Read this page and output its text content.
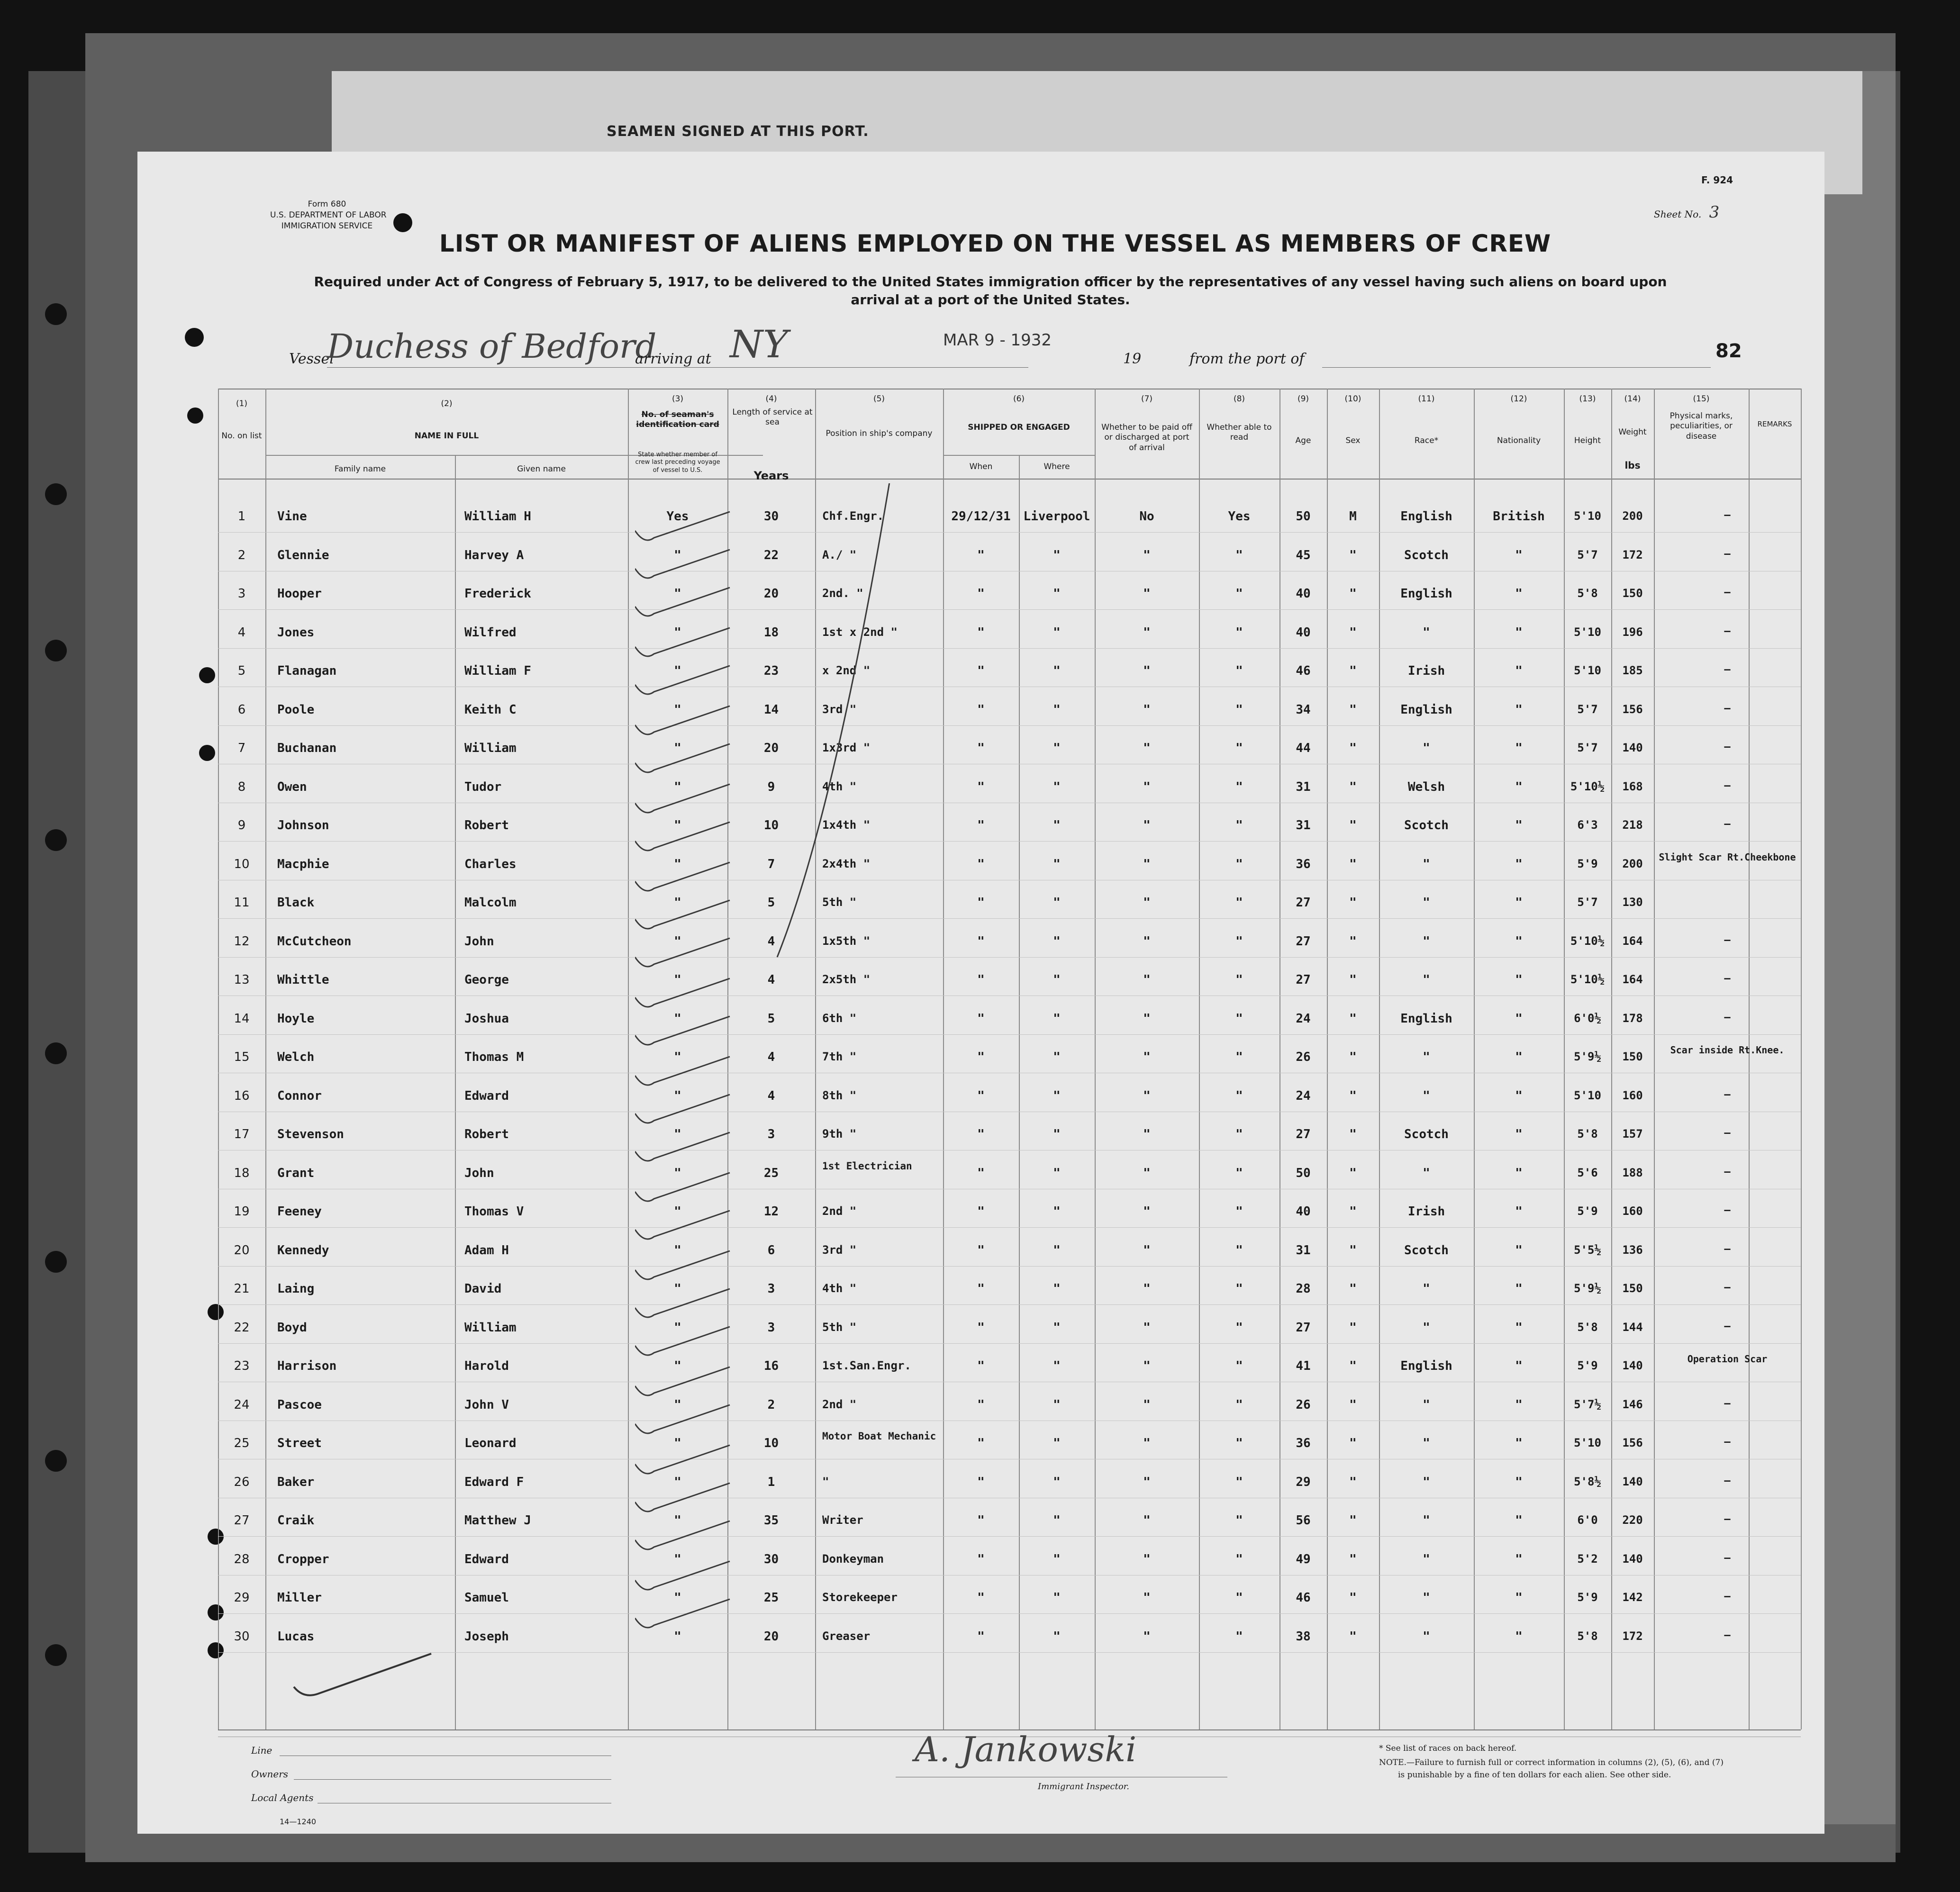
SEAMEN SIGNED AT THIS PORT.
Form 680
U.S. DEPARTMENT OF LABOR
IMMIGRATION SERVICE
F. 924
Sheet No. 3
LIST OR MANIFEST OF ALIENS EMPLOYED ON THE VESSEL AS MEMBERS OF CREW
Required under Act of Congress of February 5, 1917, to be delivered to the United States immigration officer by the representatives of any vessel having such aliens on board upon
arrival at a port of the United States.
Vessel
Duchess of Bedford
arriving at NY	MAR 9 - 1932
19	from the port of	82
(1)	(2)	(3)	(4)	(5)	(6)	(7)	(8)	(9)	(10)	(11)	(12)	(13)	(14)	(15)
No. on list	NAME IN FULL
Family name	Given name
No. of seaman's identification card
State whether member of crew last preceding voyage of vessel to U.S.
Length of service at sea
Years
Position in ship's company
SHIPPED OR ENGAGED
When	Where
Whether to be paid off or discharged at port of arrival
Whether able to read	Age	Sex	Race*	Nationality	Height
Weight
lbs
Physical marks, peculiarities, or disease
REMARKS
1	Vine	William H	Yes	30	Chf.Engr.	29/12/31	Liverpool	No	Yes	50	M	English	British	5'10	200	—
2	Glennie	Harvey A	"	22	A./ "	"	"	"	"	45	"	Scotch	"	5'7	172	—
3	Hooper	Frederick	"	20	2nd. "	"	"	"	"	40	"	English	"	5'8	150	—
4	Jones	Wilfred	"	18	1st x 2nd "	"	"	"	"	40	"	"	"	5'10	196	—
5	Flanagan	William F	"	23	x 2nd "	"	"	"	"	46	"	Irish	"	5'10	185	—
6	Poole	Keith C	"	14	3rd "	"	"	"	"	34	"	English	"	5'7	156	—
7	Buchanan	William	"	20	1x3rd "	"	"	"	"	44	"	"	"	5'7	140	—
8	Owen	Tudor	"	9	4th "	"	"	"	"	31	"	Welsh	"	5'10½	168	—
9	Johnson	Robert	"	10	1x4th "	"	"	"	"	31	"	Scotch	"	6'3	218	—
10	Macphie	Charles	"	7	2x4th "	"	"	"	"	36	"	"	"	5'9	200	Slight Scar Rt.Cheekbone
11	Black	Malcolm	"	5	5th "	"	"	"	"	27	"	"	"	5'7	130
12	McCutcheon	John	"	4	1x5th "	"	"	"	"	27	"	"	"	5'10½	164	—
13	Whittle	George	"	4	2x5th "	"	"	"	"	27	"	"	"	5'10½	164	—
14	Hoyle	Joshua	"	5	6th "	"	"	"	"	24	"	English	"	6'0½	178	—
15	Welch	Thomas M	"	4	7th "	"	"	"	"	26	"	"	"	5'9½	150	Scar inside Rt.Knee.
16	Connor	Edward	"	4	8th "	"	"	"	"	24	"	"	"	5'10	160	—
17	Stevenson	Robert	"	3	9th "	"	"	"	"	27	"	Scotch	"	5'8	157	—
18	Grant	John	"	25	1st Electrician	"	"	"	"	50	"	"	"	5'6	188	—
19	Feeney	Thomas V	"	12	2nd "	"	"	"	"	40	"	Irish	"	5'9	160	—
20	Kennedy	Adam H	"	6	3rd "	"	"	"	"	31	"	Scotch	"	5'5½	136	—
21	Laing	David	"	3	4th "	"	"	"	"	28	"	"	"	5'9½	150	—
22	Boyd	William	"	3	5th "	"	"	"	"	27	"	"	"	5'8	144	—
23	Harrison	Harold	"	16	1st.San.Engr.	"	"	"	"	41	"	English	"	5'9	140	Operation Scar
24	Pascoe	John V	"	2	2nd "	"	"	"	"	26	"	"	"	5'7½	146	—
25	Street	Leonard	"	10	Motor Boat Mechanic	"	"	"	"	36	"	"	"	5'10	156	—
26	Baker	Edward F	"	1	"	"	"	"	"	29	"	"	"	5'8½	140	—
27	Craik	Matthew J	"	35	Writer	"	"	"	"	56	"	"	"	6'0	220	—
28	Cropper	Edward	"	30	Donkeyman	"	"	"	"	49	"	"	"	5'2	140	—
29	Miller	Samuel	"	25	Storekeeper	"	"	"	"	46	"	"	"	5'9	142	—
30	Lucas	Joseph	"	20	Greaser	"	"	"	"	38	"	"	"	5'8	172	—
Line
Owners
Local Agents
14—1240
A. Jankowski
Immigrant Inspector.
* See list of races on back hereof.
NOTE.—Failure to furnish full or correct information in columns (2), (5), (6), and (7)
is punishable by a fine of ten dollars for each alien. See other side.
